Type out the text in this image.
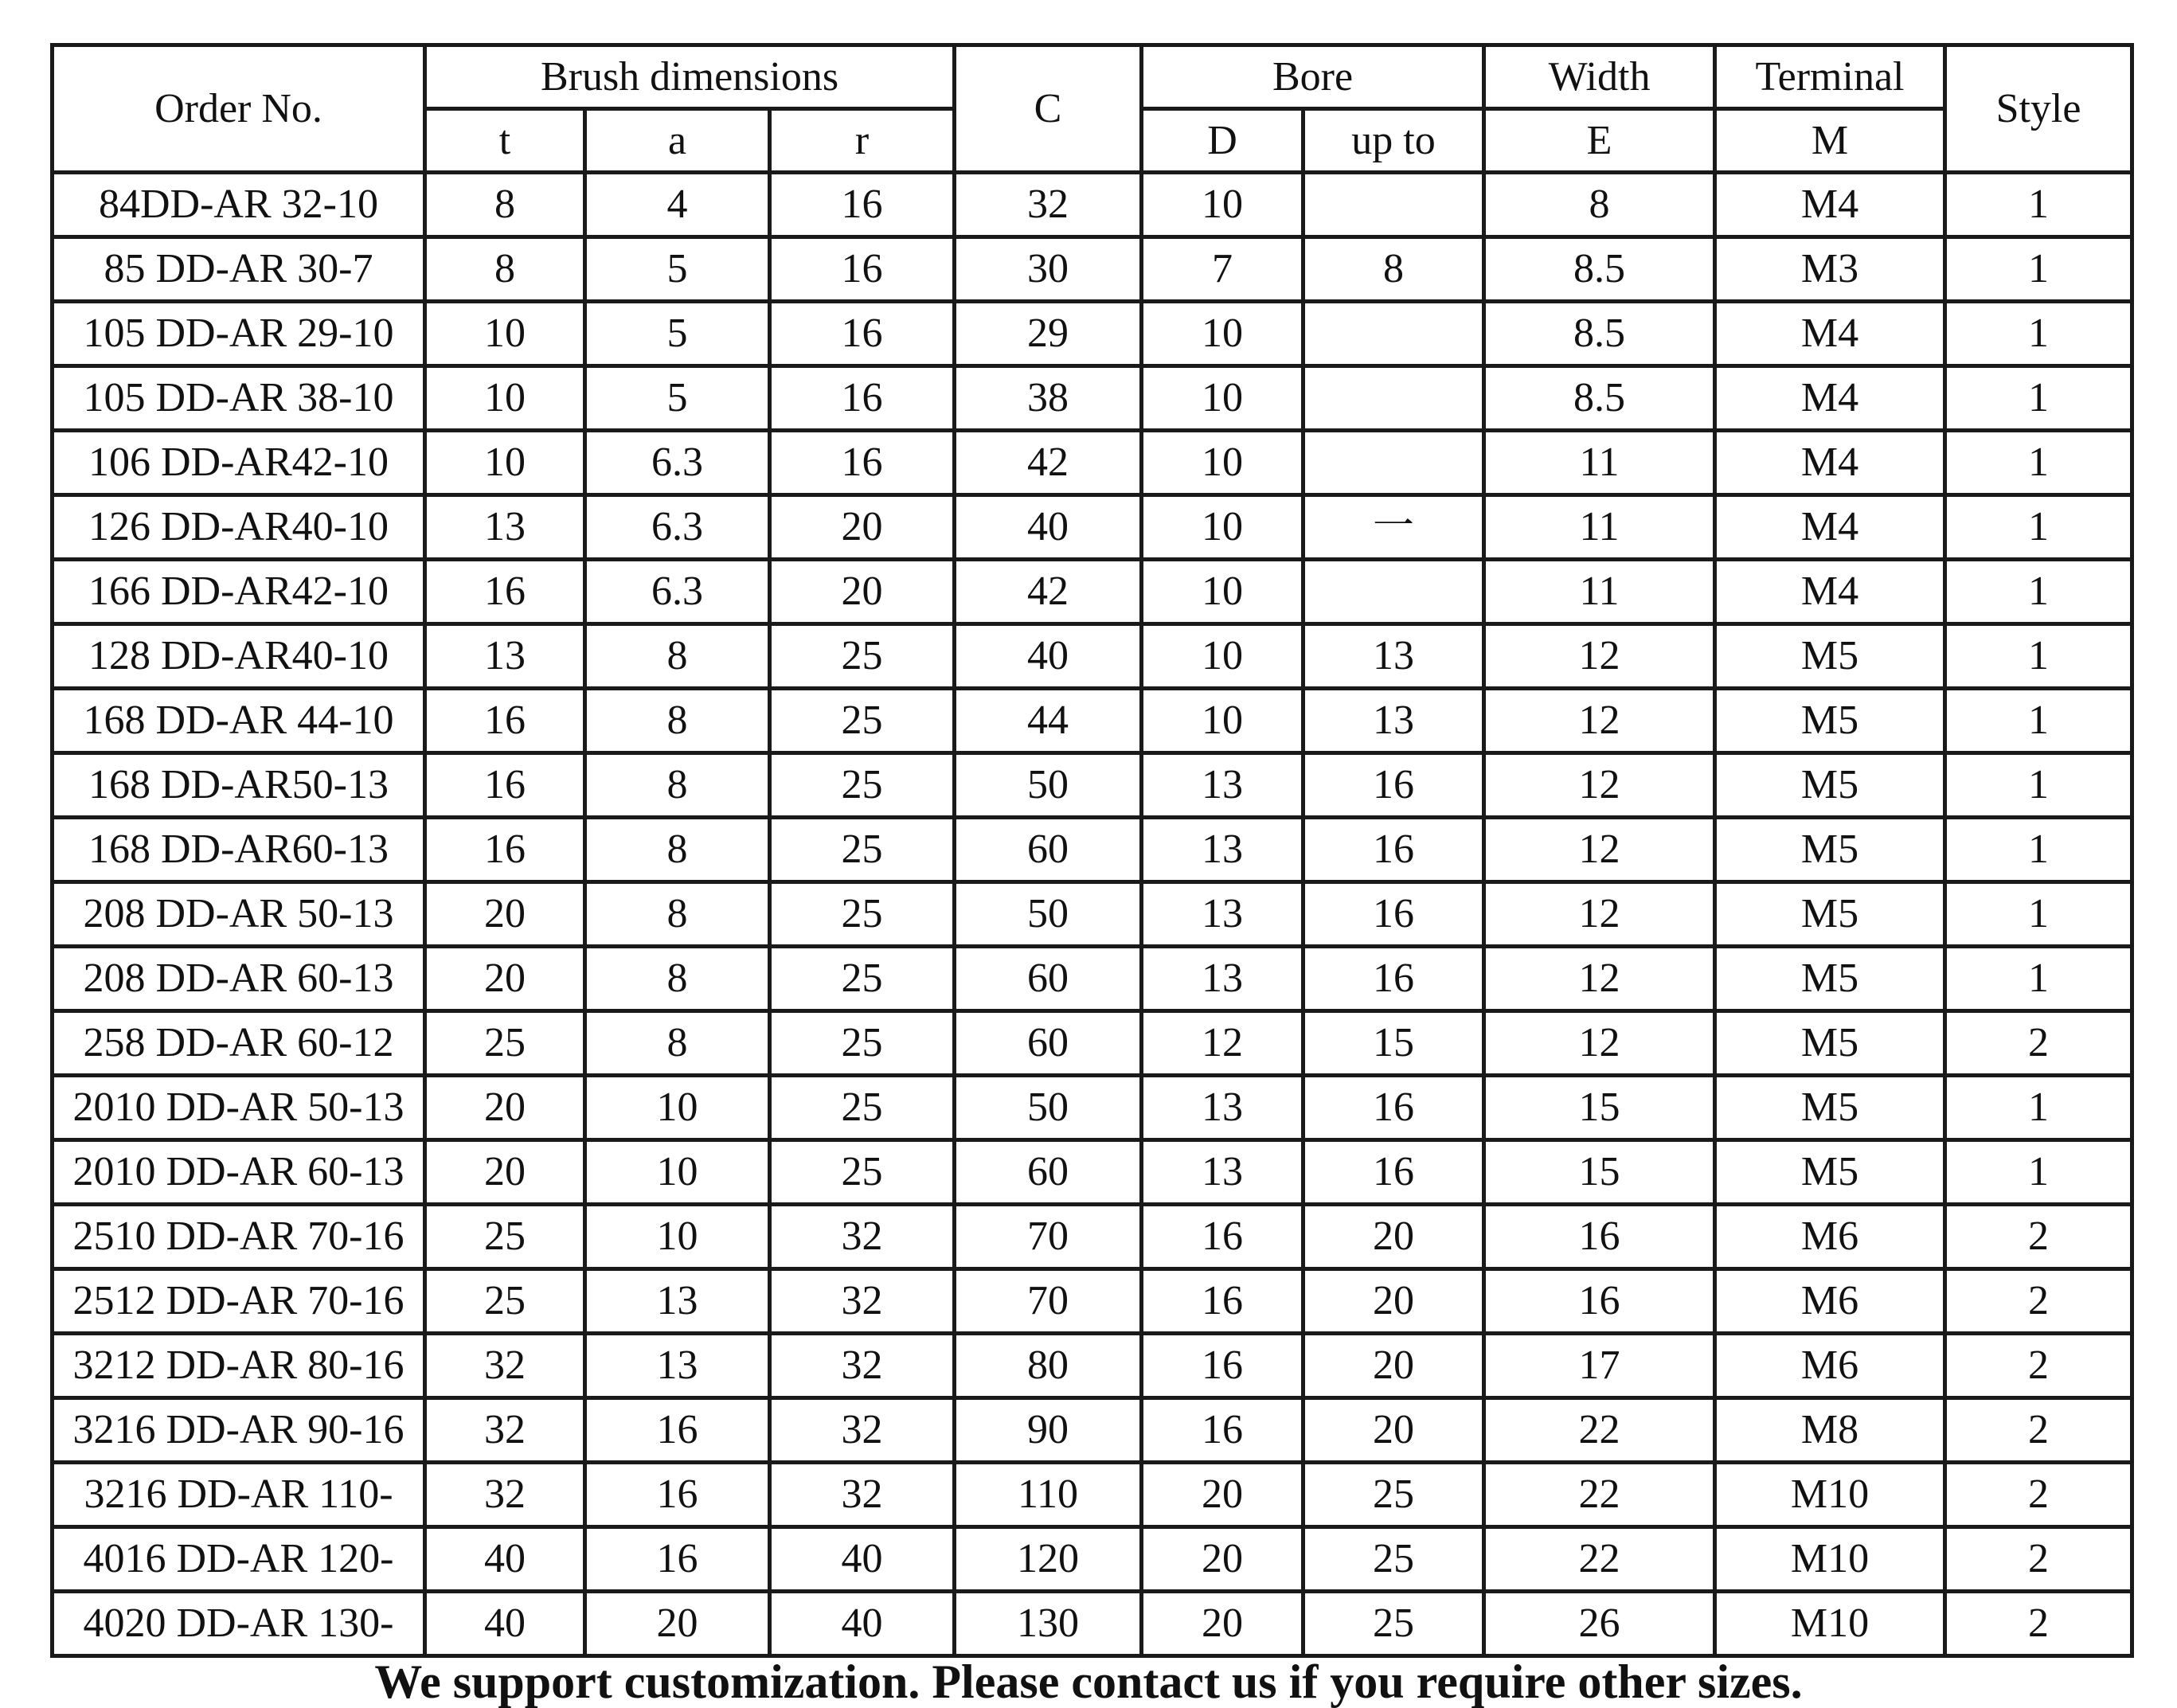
Order No.	Brush dimensions			C	Bore		Width	Terminal	Style
	t	a	r		D	up to	E	M	
84DD-AR 32-10	8	4	16	32	10		8	M4	1
85 DD-AR 30-7	8	5	16	30	7	8	8.5	M3	1
105 DD-AR 29-10	10	5	16	29	10		8.5	M4	1
105 DD-AR 38-10	10	5	16	38	10		8.5	M4	1
106 DD-AR42-10	10	6.3	16	42	10		11	M4	1
126 DD-AR40-10	13	6.3	20	40	10	一	11	M4	1
166 DD-AR42-10	16	6.3	20	42	10		11	M4	1
128 DD-AR40-10	13	8	25	40	10	13	12	M5	1
168 DD-AR 44-10	16	8	25	44	10	13	12	M5	1
168 DD-AR50-13	16	8	25	50	13	16	12	M5	1
168 DD-AR60-13	16	8	25	60	13	16	12	M5	1
208 DD-AR 50-13	20	8	25	50	13	16	12	M5	1
208 DD-AR 60-13	20	8	25	60	13	16	12	M5	1
258 DD-AR 60-12	25	8	25	60	12	15	12	M5	2
2010 DD-AR 50-13	20	10	25	50	13	16	15	M5	1
2010 DD-AR 60-13	20	10	25	60	13	16	15	M5	1
2510 DD-AR 70-16	25	10	32	70	16	20	16	M6	2
2512 DD-AR 70-16	25	13	32	70	16	20	16	M6	2
3212 DD-AR 80-16	32	13	32	80	16	20	17	M6	2
3216 DD-AR 90-16	32	16	32	90	16	20	22	M8	2
3216 DD-AR 110-	32	16	32	110	20	25	22	M10	2
4016 DD-AR 120-	40	16	40	120	20	25	22	M10	2
4020 DD-AR 130-	40	20	40	130	20	25	26	M10	2
We support customization. Please contact us if you require other sizes.
